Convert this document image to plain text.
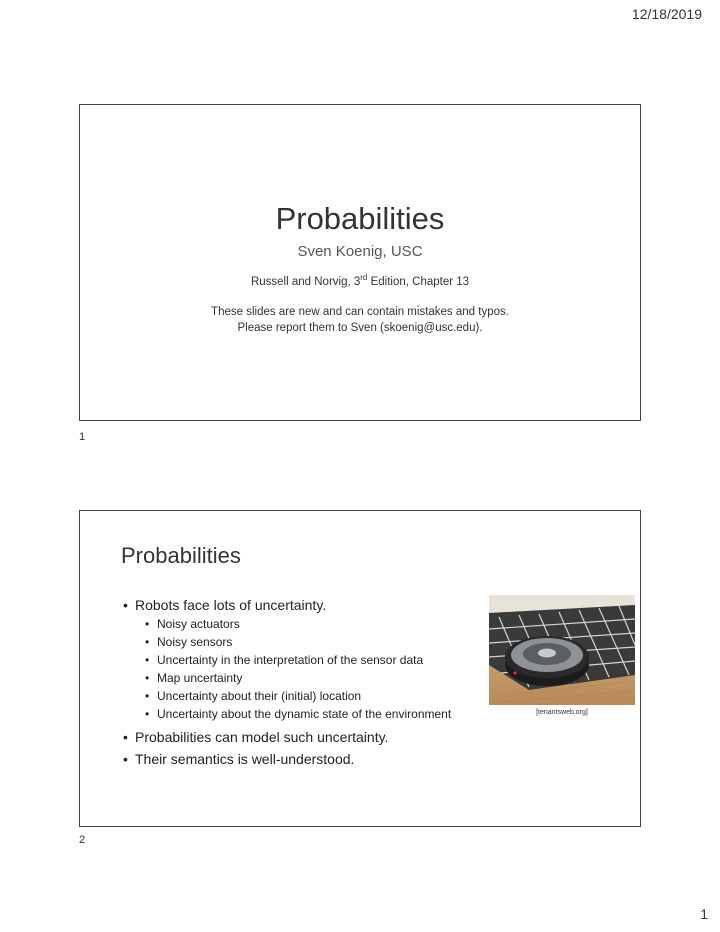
12/18/2019
Probabilities
Sven Koenig, USC
Russell and Norvig, 3rd Edition, Chapter 13
These slides are new and can contain mistakes and typos.
Please report them to Sven (skoenig@usc.edu).
1
Probabilities
• Robots face lots of uncertainty.
• Noisy actuators
• Noisy sensors
• Uncertainty in the interpretation of the sensor data
• Map uncertainty
• Uncertainty about their (initial) location
• Uncertainty about the dynamic state of the environment
• Probabilities can model such uncertainty.
• Their semantics is well-understood.
[tenantsweb.org]
2
1
